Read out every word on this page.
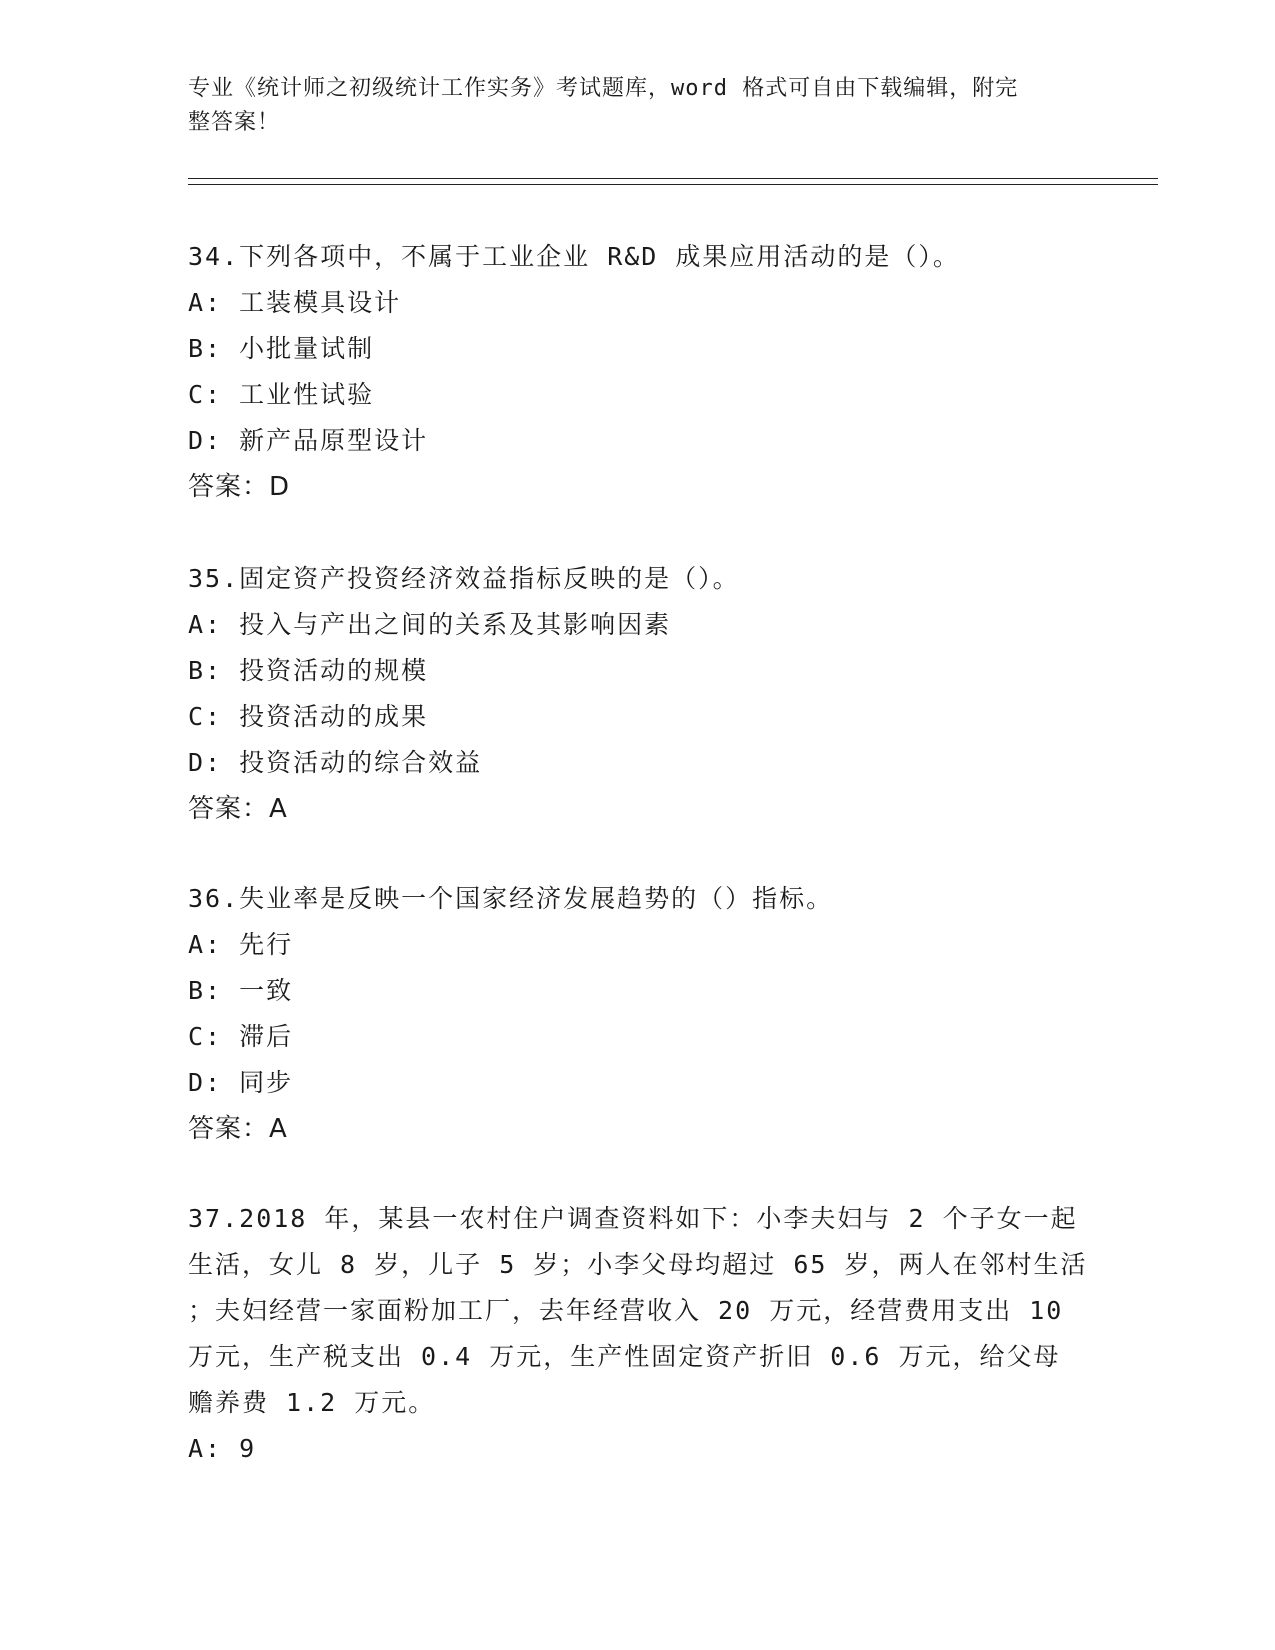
专业《统计师之初级统计工作实务》考试题库，word 格式可自由下载编辑，附完
整答案！

34.下列各项中，不属于工业企业 R&D 成果应用活动的是（）。

A: 工装模具设计

B: 小批量试制

C: 工业性试验

D: 新产品原型设计

答案：D

35.固定资产投资经济效益指标反映的是（）。

A: 投入与产出之间的关系及其影响因素

B: 投资活动的规模

C: 投资活动的成果

D: 投资活动的综合效益

答案：A

36.失业率是反映一个国家经济发展趋势的（）指标。

A: 先行

B: 一致

C: 滞后

D: 同步

答案：A

37.2018 年，某县一农村住户调查资料如下：小李夫妇与 2 个子女一起

生活，女儿 8 岁，儿子 5 岁；小李父母均超过 65 岁，两人在邻村生活

；夫妇经营一家面粉加工厂，去年经营收入 20 万元，经营费用支出 10

万元，生产税支出 0.4 万元，生产性固定资产折旧 0.6 万元，给父母

赡养费 1.2 万元。

A: 9
